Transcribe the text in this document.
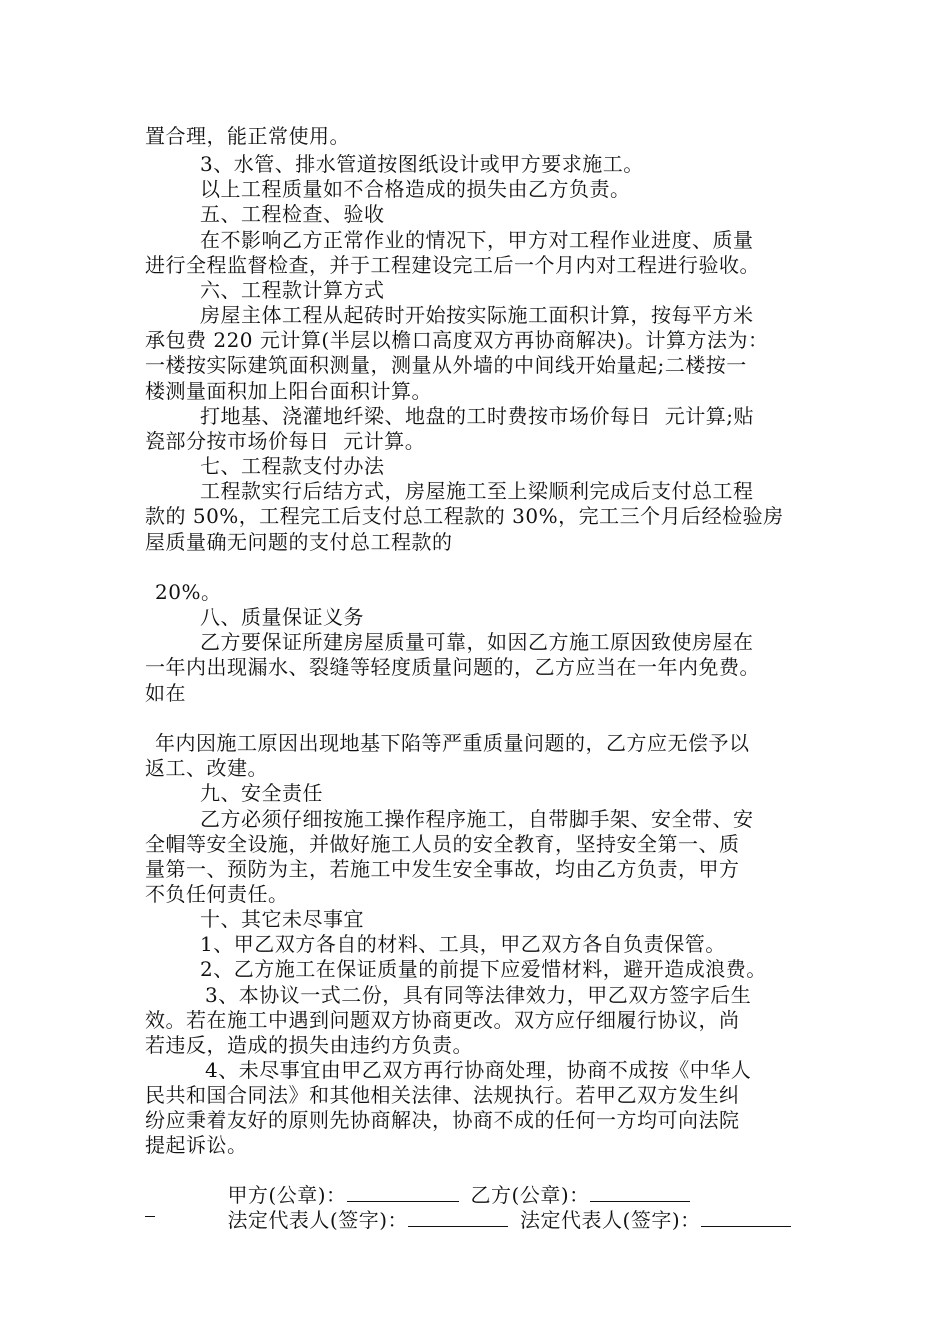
置合理，能正常使用。
3、水管、排水管道按图纸设计或甲方要求施工。
以上工程质量如不合格造成的损失由乙方负责。
五、工程检查、验收
在不影响乙方正常作业的情况下，甲方对工程作业进度、质量
进行全程监督检查，并于工程建设完工后一个月内对工程进行验收。
六、工程款计算方式
房屋主体工程从起砖时开始按实际施工面积计算，按每平方米
承包费 220 元计算(半层以檐口高度双方再协商解决)。计算方法为：
一楼按实际建筑面积测量，测量从外墙的中间线开始量起;二楼按一
楼测量面积加上阳台面积计算。
打地基、浇灌地纤梁、地盘的工时费按市场价每日  元计算;贴
瓷部分按市场价每日  元计算。
七、工程款支付办法
工程款实行后结方式，房屋施工至上梁顺利完成后支付总工程
款的 50%，工程完工后支付总工程款的 30%，完工三个月后经检验房
屋质量确无问题的支付总工程款的
20%。
八、质量保证义务
乙方要保证所建房屋质量可靠，如因乙方施工原因致使房屋在
一年内出现漏水、裂缝等轻度质量问题的，乙方应当在一年内免费。
如在
年内因施工原因出现地基下陷等严重质量问题的，乙方应无偿予以
返工、改建。
九、安全责任
乙方必须仔细按施工操作程序施工，自带脚手架、安全带、安
全帽等安全设施，并做好施工人员的安全教育，坚持安全第一、质
量第一、预防为主，若施工中发生安全事故，均由乙方负责，甲方
不负任何责任。
十、其它未尽事宜
1、甲乙双方各自的材料、工具，甲乙双方各自负责保管。
2、乙方施工在保证质量的前提下应爱惜材料，避开造成浪费。
3、本协议一式二份，具有同等法律效力，甲乙双方签字后生
效。若在施工中遇到问题双方协商更改。双方应仔细履行协议，尚
若违反，造成的损失由违约方负责。
4、未尽事宜由甲乙双方再行协商处理，协商不成按《中华人
民共和国合同法》和其他相关法律、法规执行。若甲乙双方发生纠
纷应秉着友好的原则先协商解决，协商不成的任何一方均可向法院
提起诉讼。

甲方(公章)：	乙方(公章)：

法定代表人(签字)：	法定代表人(签字)：
